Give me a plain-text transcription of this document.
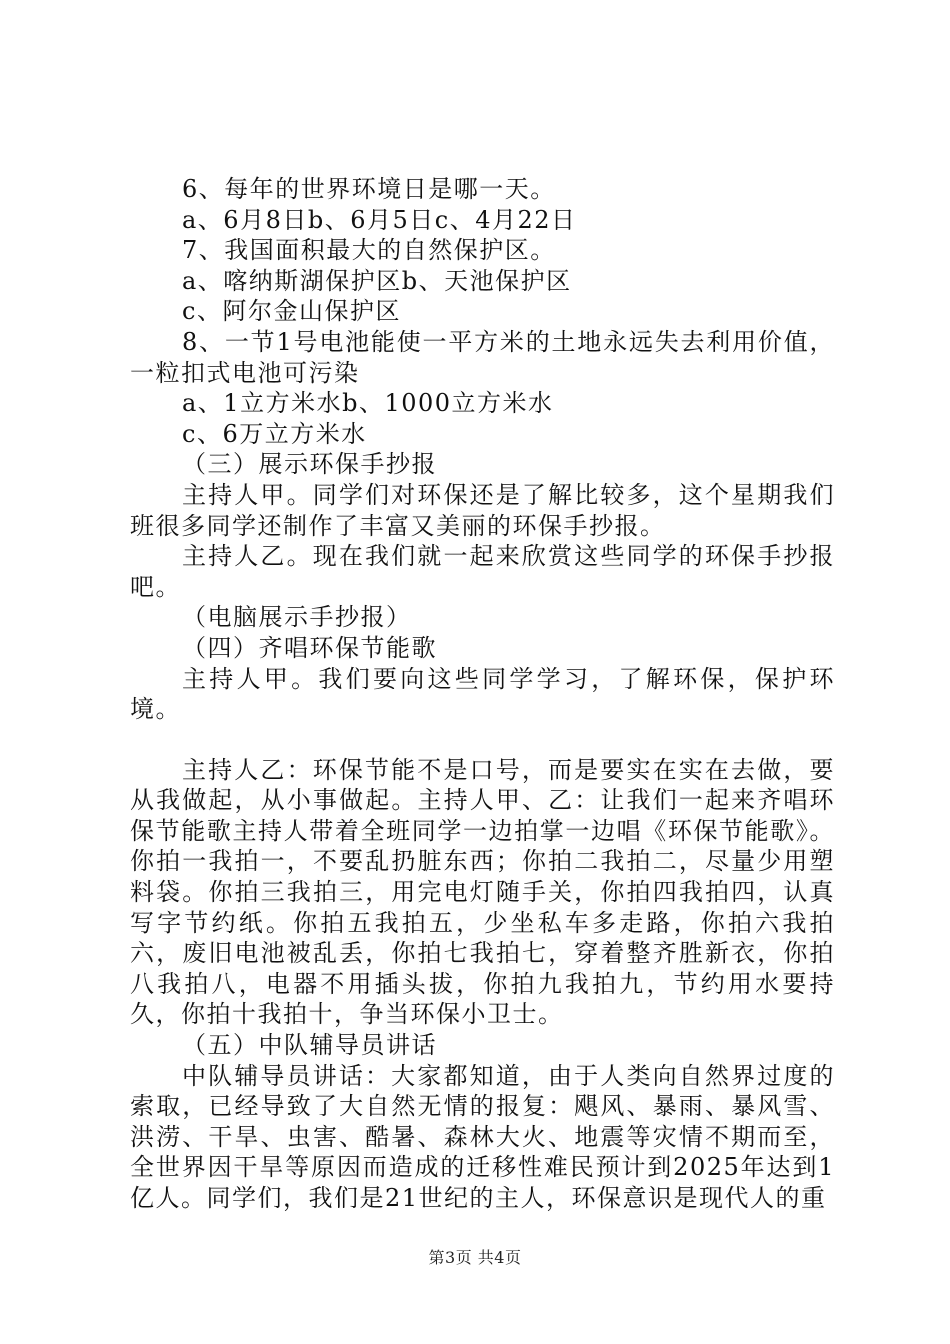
6、每年的世界环境日是哪一天。

a、6月8日b、6月5日c、4月22日

7、我国面积最大的自然保护区。

a、喀纳斯湖保护区b、天池保护区

c、阿尔金山保护区

8、一节1号电池能使一平方米的土地永远失去利用价值，一粒扣式电池可污染

a、1立方米水b、1000立方米水

c、6万立方米水

（三）展示环保手抄报

主持人甲。同学们对环保还是了解比较多，这个星期我们班很多同学还制作了丰富又美丽的环保手抄报。

主持人乙。现在我们就一起来欣赏这些同学的环保手抄报吧。

（电脑展示手抄报）

（四）齐唱环保节能歌

主持人甲。我们要向这些同学学习，了解环保，保护环境。

主持人乙：环保节能不是口号，而是要实在实在去做，要从我做起，从小事做起。主持人甲、乙：让我们一起来齐唱环保节能歌主持人带着全班同学一边拍掌一边唱《环保节能歌》。你拍一我拍一，不要乱扔脏东西；你拍二我拍二，尽量少用塑料袋。你拍三我拍三，用完电灯随手关，你拍四我拍四，认真写字节约纸。你拍五我拍五，少坐私车多走路，你拍六我拍六，废旧电池被乱丢，你拍七我拍七，穿着整齐胜新衣，你拍八我拍八，电器不用插头拔，你拍九我拍九，节约用水要持久，你拍十我拍十，争当环保小卫士。

（五）中队辅导员讲话

中队辅导员讲话：大家都知道，由于人类向自然界过度的索取，已经导致了大自然无情的报复：飓风、暴雨、暴风雪、洪涝、干旱、虫害、酷暑、森林大火、地震等灾情不期而至，全世界因干旱等原因而造成的迁移性难民预计到2025年达到1亿人。同学们，我们是21世纪的主人，环保意识是现代人的重

第3页 共4页
